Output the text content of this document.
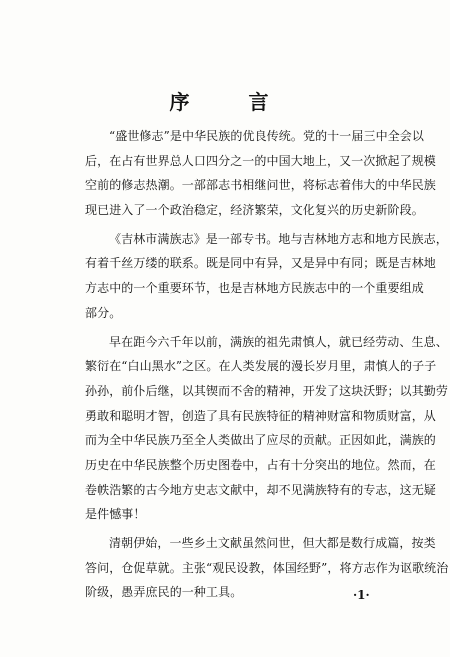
序 言
“盛世修志”是中华民族的优良传统。党的十一届三中全会以
后，在占有世界总人口四分之一的中国大地上，又一次掀起了规模
空前的修志热潮。一部部志书相继问世，将标志着伟大的中华民族
现已进入了一个政治稳定，经济繁荣，文化复兴的历史新阶段。
《吉林市满族志》是一部专书。地与吉林地方志和地方民族志，
有着千丝万缕的联系。既是同中有异，又是异中有同；既是吉林地
方志中的一个重要环节，也是吉林地方民族志中的一个重要组成
部分。
早在距今六千年以前，满族的祖先肃慎人，就已经劳动、生息、
繁衍在“白山黑水”之区。在人类发展的漫长岁月里，肃慎人的子子
孙孙，前仆后继，以其锲而不舍的精神，开发了这块沃野；以其勤劳
勇敢和聪明才智，创造了具有民族特征的精神财富和物质财富，从
而为全中华民族乃至全人类做出了应尽的贡献。正因如此，满族的
历史在中华民族整个历史图卷中，占有十分突出的地位。然而，在
卷帙浩繁的古今地方史志文献中，却不见满族特有的专志，这无疑
是件憾事！
清朝伊始，一些乡土文献虽然问世，但大都是数行成篇，按类
答问，仓促草就。主张“观民设教，体国经野”，将方志作为讴歌统治
阶级，愚弄庶民的一种工具。	·1·
